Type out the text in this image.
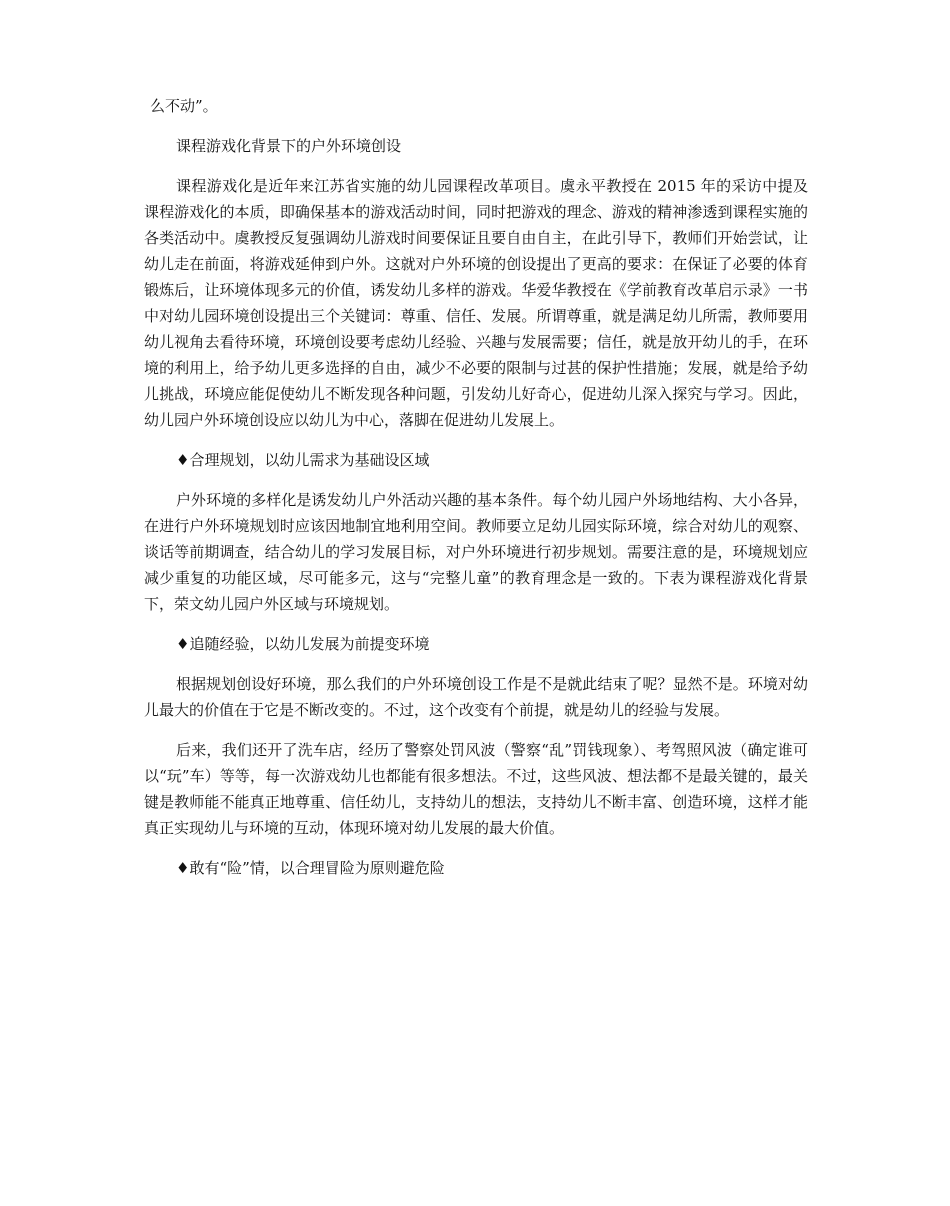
么不动”。

课程游戏化背景下的户外环境创设

课程游戏化是近年来江苏省实施的幼儿园课程改革项目。虞永平教授在 2015 年的采访中提及课程游戏化的本质，即确保基本的游戏活动时间，同时把游戏的理念、游戏的精神渗透到课程实施的各类活动中。虞教授反复强调幼儿游戏时间要保证且要自由自主，在此引导下，教师们开始尝试，让幼儿走在前面，将游戏延伸到户外。这就对户外环境的创设提出了更高的要求：在保证了必要的体育锻炼后，让环境体现多元的价值，诱发幼儿多样的游戏。华爱华教授在《学前教育改革启示录》一书中对幼儿园环境创设提出三个关键词：尊重、信任、发展。所谓尊重，就是满足幼儿所需，教师要用幼儿视角去看待环境，环境创设要考虑幼儿经验、兴趣与发展需要；信任，就是放开幼儿的手，在环境的利用上，给予幼儿更多选择的自由，减少不必要的限制与过甚的保护性措施；发展，就是给予幼儿挑战，环境应能促使幼儿不断发现各种问题，引发幼儿好奇心，促进幼儿深入探究与学习。因此，幼儿园户外环境创设应以幼儿为中心，落脚在促进幼儿发展上。

♦合理规划，以幼儿需求为基础设区域

户外环境的多样化是诱发幼儿户外活动兴趣的基本条件。每个幼儿园户外场地结构、大小各异，在进行户外环境规划时应该因地制宜地利用空间。教师要立足幼儿园实际环境，综合对幼儿的观察、谈话等前期调查，结合幼儿的学习发展目标，对户外环境进行初步规划。需要注意的是，环境规划应减少重复的功能区域，尽可能多元，这与“完整儿童”的教育理念是一致的。下表为课程游戏化背景下，荣文幼儿园户外区域与环境规划。

♦追随经验，以幼儿发展为前提变环境

根据规划创设好环境，那么我们的户外环境创设工作是不是就此结束了呢？显然不是。环境对幼儿最大的价值在于它是不断改变的。不过，这个改变有个前提，就是幼儿的经验与发展。

后来，我们还开了洗车店，经历了警察处罚风波（警察“乱”罚钱现象）、考驾照风波（确定谁可以“玩”车）等等，每一次游戏幼儿也都能有很多想法。不过，这些风波、想法都不是最关键的，最关键是教师能不能真正地尊重、信任幼儿，支持幼儿的想法，支持幼儿不断丰富、创造环境，这样才能真正实现幼儿与环境的互动，体现环境对幼儿发展的最大价值。

♦敢有“险”情，以合理冒险为原则避危险
